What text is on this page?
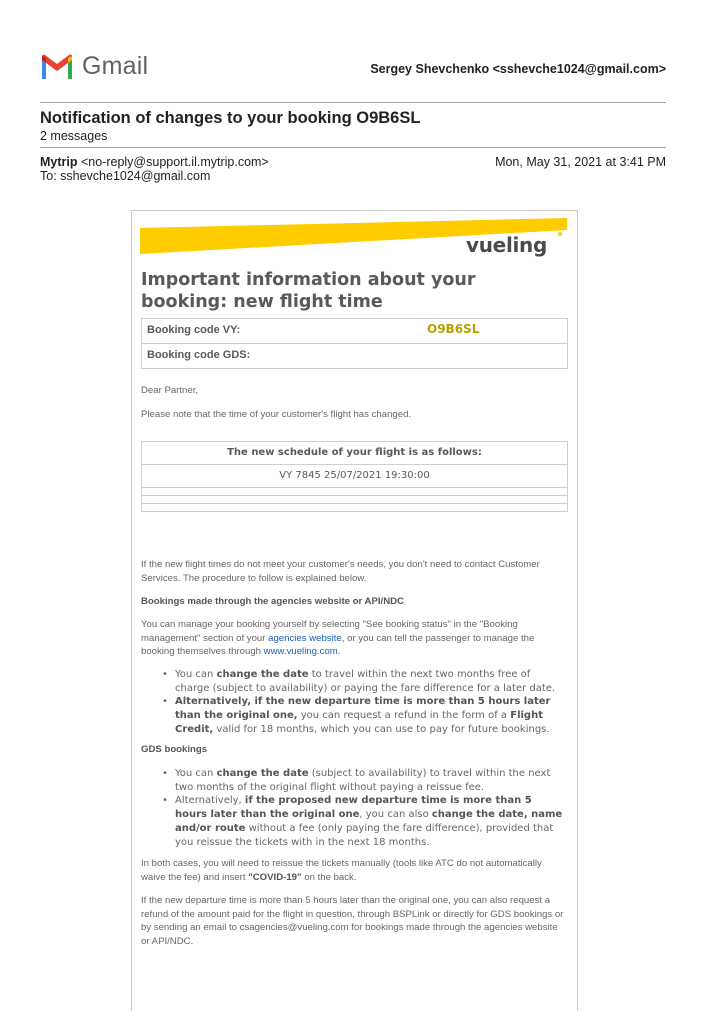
Gmail	Sergey Shevchenko <sshevche1024@gmail.com>
Notification of changes to your booking O9B6SL
2 messages
Mytrip <no-reply@support.il.mytrip.com>
To: sshevche1024@gmail.com
Mon, May 31, 2021 at 3:41 PM
vueling
Important information about your booking: new flight time
Booking code VY:	O9B6SL
Booking code GDS:
Dear Partner,
Please note that the time of your customer's flight has changed.
The new schedule of your flight is as follows:
VY 7845 25/07/2021 19:30:00
If the new flight times do not meet your customer's needs, you don't need to contact Customer Services. The procedure to follow is explained below.
Bookings made through the agencies website or API/NDC
You can manage your booking yourself by selecting "See booking status" in the "Booking management" section of your agencies website, or you can tell the passenger to manage the booking themselves through www.vueling.com.
• You can change the date to travel within the next two months free of charge (subject to availability) or paying the fare difference for a later date.
• Alternatively, if the new departure time is more than 5 hours later than the original one, you can request a refund in the form of a Flight Credit, valid for 18 months, which you can use to pay for future bookings.
GDS bookings
• You can change the date (subject to availability) to travel within the next two months of the original flight without paying a reissue fee.
• Alternatively, if the proposed new departure time is more than 5 hours later than the original one, you can also change the date, name and/or route without a fee (only paying the fare difference), provided that you reissue the tickets with in the next 18 months.
In both cases, you will need to reissue the tickets manually (tools like ATC do not automatically waive the fee) and insert "COVID-19" on the back.
If the new departure time is more than 5 hours later than the original one, you can also request a refund of the amount paid for the flight in question, through BSPLink or directly for GDS bookings or by sending an email to csagencies@vueling.com for bookings made through the agencies website or API/NDC.
